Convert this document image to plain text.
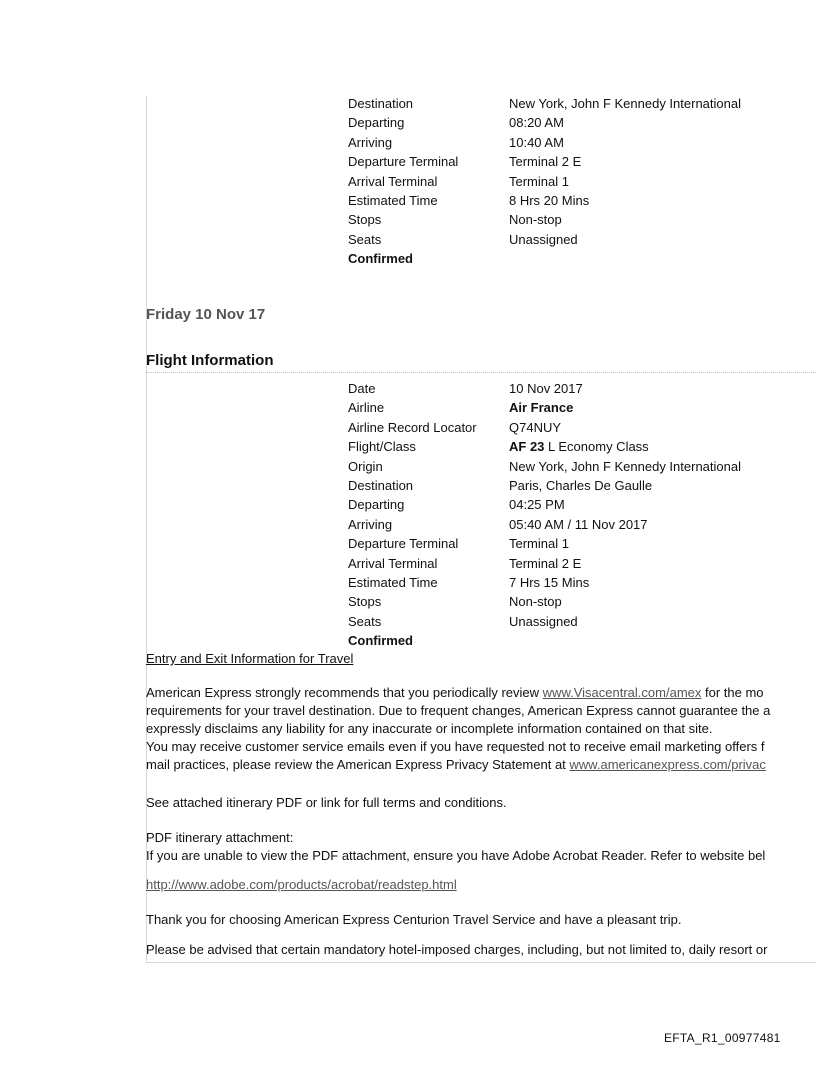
Destination	New York, John F Kennedy International
Departing	08:20 AM
Arriving	10:40 AM
Departure Terminal	Terminal 2 E
Arrival Terminal	Terminal 1
Estimated Time	8 Hrs 20 Mins
Stops	Non-stop
Seats	Unassigned
Confirmed
Friday 10 Nov 17
Flight Information
Date	10 Nov 2017
Airline	Air France
Airline Record Locator Q74NUY
Flight/Class	AF 23 L Economy Class
Origin	New York, John F Kennedy International
Destination	Paris, Charles De Gaulle
Departing	04:25 PM
Arriving	05:40 AM / 11 Nov 2017
Departure Terminal	Terminal 1
Arrival Terminal	Terminal 2 E
Estimated Time	7 Hrs 15 Mins
Stops	Non-stop
Seats	Unassigned
Confirmed
Entry and Exit Information for Travel
American Express strongly recommends that you periodically review www.Visacentral.com/amex for the mo
requirements for your travel destination. Due to frequent changes, American Express cannot guarantee the a
expressly disclaims any liability for any inaccurate or incomplete information contained on that site.
You may receive customer service emails even if you have requested not to receive email marketing offers f
mail practices, please review the American Express Privacy Statement at www.americanexpress.com/privac
See attached itinerary PDF or link for full terms and conditions.
PDF itinerary attachment:
If you are unable to view the PDF attachment, ensure you have Adobe Acrobat Reader. Refer to website bel
http://www.adobe.com/products/acrobat/readstep.html
Thank you for choosing American Express Centurion Travel Service and have a pleasant trip.
Please be advised that certain mandatory hotel-imposed charges, including, but not limited to, daily resort or
EFTA_R1_00977481
